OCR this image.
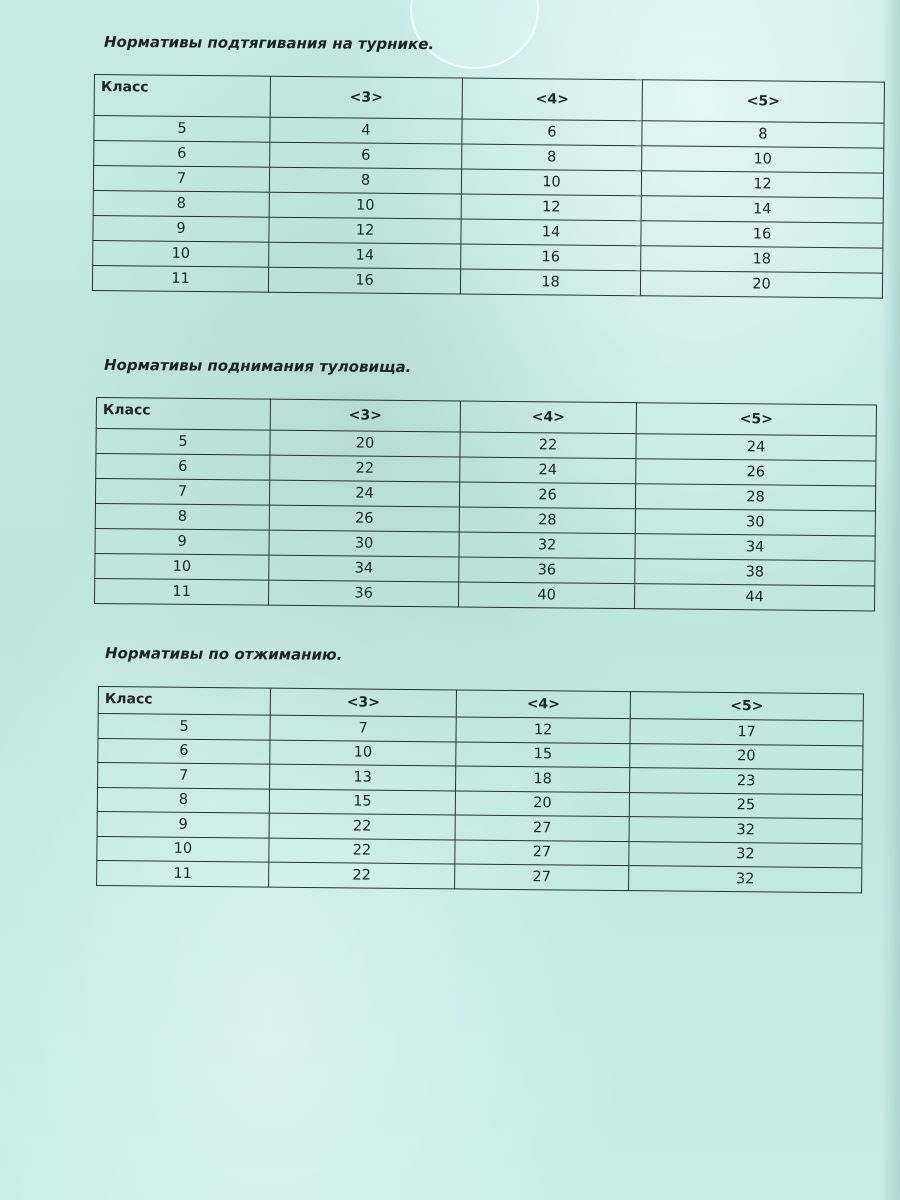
Нормативы подтягивания на турнике.
Класс	<3>	<4>	<5>
5	4	6	8
6	6	8	10
7	8	10	12
8	10	12	14
9	12	14	16
10	14	16	18
11	16	18	20
Нормативы поднимания туловища.
Класс	<3>	<4>	<5>
5	20	22	24
6	22	24	26
7	24	26	28
8	26	28	30
9	30	32	34
10	34	36	38
11	36	40	44
Нормативы по отжиманию.
Класс	<3>	<4>	<5>
5	7	12	17
6	10	15	20
7	13	18	23
8	15	20	25
9	22	27	32
10	22	27	32
11	22	27	32
